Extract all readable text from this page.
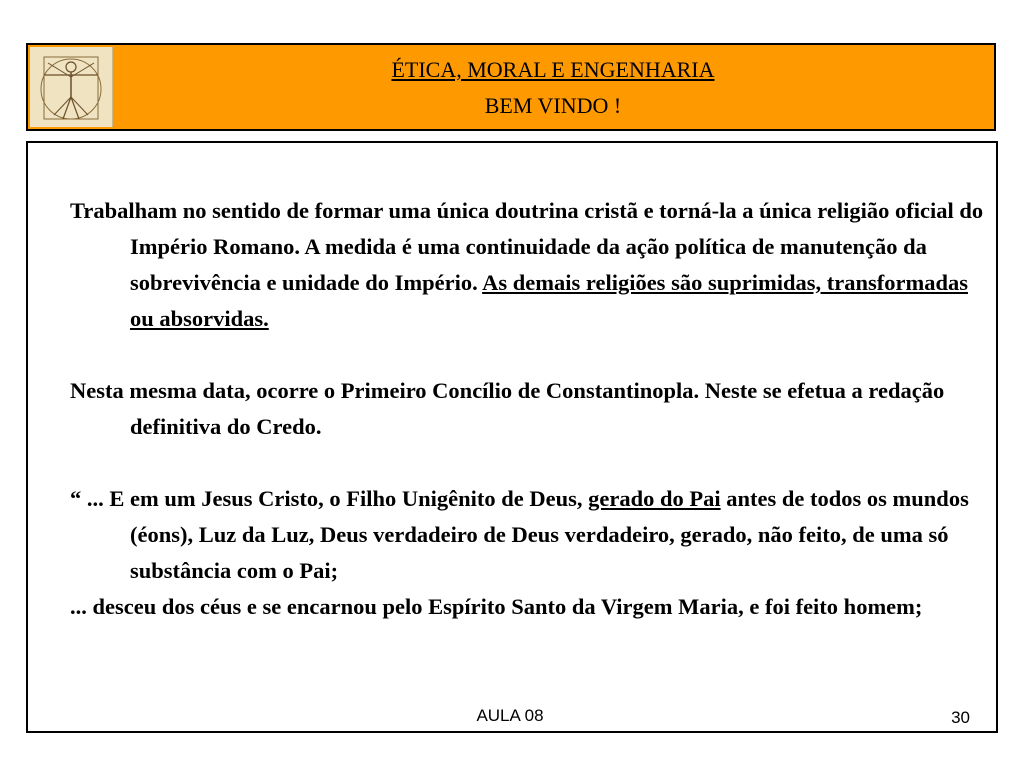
ÉTICA, MORAL E ENGENHARIA
BEM VINDO !

Trabalham no sentido de formar uma única doutrina cristã e torná-la a única religião oficial do Império Romano. A medida é uma continuidade da ação política de manutenção da sobrevivência e unidade do Império. As demais religiões são suprimidas, transformadas ou absorvidas.

Nesta mesma data, ocorre o Primeiro Concílio de Constantinopla. Neste se efetua a redação definitiva do Credo.

“ ... E em um Jesus Cristo, o Filho Unigênito de Deus, gerado do Pai antes de todos os mundos (éons), Luz da Luz, Deus verdadeiro de Deus verdadeiro, gerado, não feito, de uma só substância com o Pai;

... desceu dos céus e se encarnou pelo Espírito Santo da Virgem Maria, e foi feito homem;

AULA 08	30
